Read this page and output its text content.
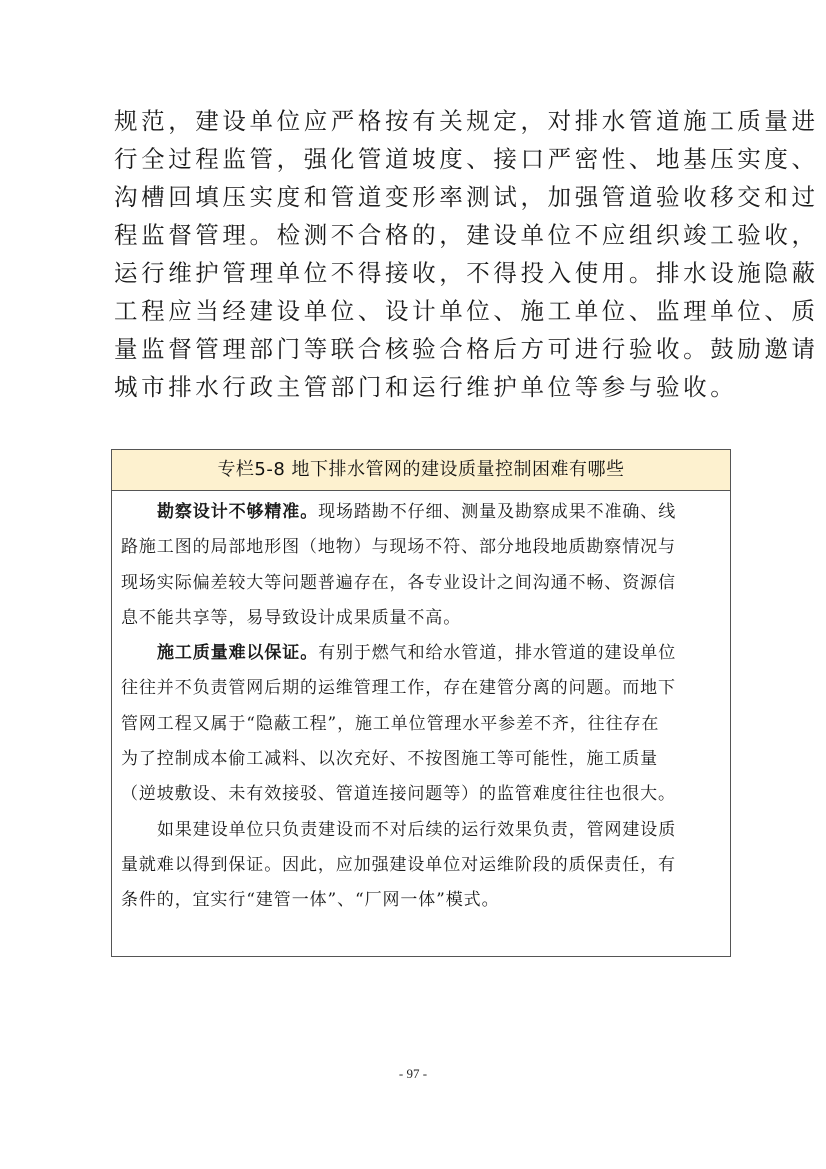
规范，建设单位应严格按有关规定，对排水管道施工质量进
行全过程监管，强化管道坡度、接口严密性、地基压实度、
沟槽回填压实度和管道变形率测试，加强管道验收移交和过
程监督管理。检测不合格的，建设单位不应组织竣工验收，
运行维护管理单位不得接收，不得投入使用。排水设施隐蔽
工程应当经建设单位、设计单位、施工单位、监理单位、质
量监督管理部门等联合核验合格后方可进行验收。鼓励邀请
城市排水行政主管部门和运行维护单位等参与验收。
专栏5-8 地下排水管网的建设质量控制困难有哪些
勘察设计不够精准。现场踏勘不仔细、测量及勘察成果不准确、线
路施工图的局部地形图（地物）与现场不符、部分地段地质勘察情况与
现场实际偏差较大等问题普遍存在，各专业设计之间沟通不畅、资源信
息不能共享等，易导致设计成果质量不高。
施工质量难以保证。有别于燃气和给水管道，排水管道的建设单位
往往并不负责管网后期的运维管理工作，存在建管分离的问题。而地下
管网工程又属于“隐蔽工程”，施工单位管理水平参差不齐，往往存在
为了控制成本偷工减料、以次充好、不按图施工等可能性，施工质量
（逆坡敷设、未有效接驳、管道连接问题等）的监管难度往往也很大。
如果建设单位只负责建设而不对后续的运行效果负责，管网建设质
量就难以得到保证。因此，应加强建设单位对运维阶段的质保责任，有
条件的，宜实行“建管一体”、“厂网一体”模式。
- 97 -
